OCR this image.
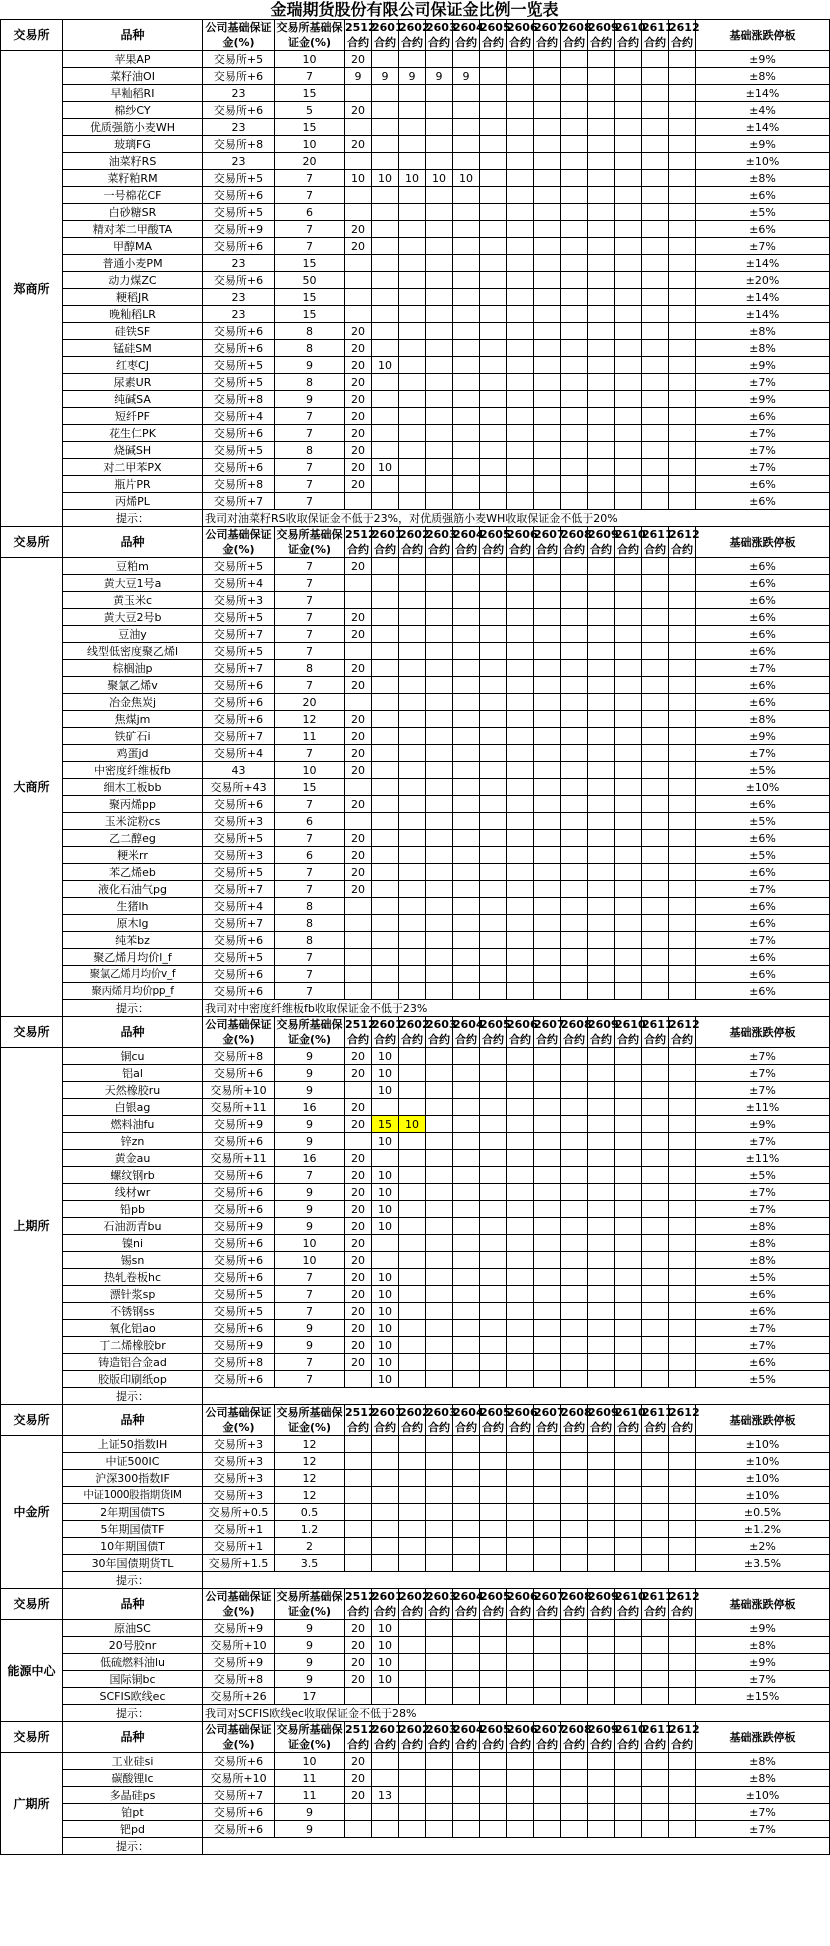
金瑞期货股份有限公司保证金比例一览表
交易所	品种	公司基础保证金(%)	交易所基础保证金(%)	2512合约	2601合约	2602合约	2603合约	2604合约	2605合约	2606合约	2607合约	2608合约	2609合约	2610合约	2611合约	2612合约	基础涨跌停板
郑商所	苹果AP	交易所+5	10	20													±9%
	菜籽油OI	交易所+6	7	9	9	9	9	9									±8%
	早籼稻RI	23	15														±14%
	棉纱CY	交易所+6	5	20													±4%
	优质强筋小麦WH	23	15														±14%
	玻璃FG	交易所+8	10	20													±9%
	油菜籽RS	23	20														±10%
	菜籽粕RM	交易所+5	7	10	10	10	10	10									±8%
	一号棉花CF	交易所+6	7														±6%
	白砂糖SR	交易所+5	6														±5%
	精对苯二甲酸TA	交易所+9	7	20													±6%
	甲醇MA	交易所+6	7	20													±7%
	普通小麦PM	23	15														±14%
	动力煤ZC	交易所+6	50														±20%
	粳稻JR	23	15														±14%
	晚籼稻LR	23	15														±14%
	硅铁SF	交易所+6	8	20													±8%
	锰硅SM	交易所+6	8	20													±8%
	红枣CJ	交易所+5	9	20	10												±9%
	尿素UR	交易所+5	8	20													±7%
	纯碱SA	交易所+8	9	20													±9%
	短纤PF	交易所+4	7	20													±6%
	花生仁PK	交易所+6	7	20													±7%
	烧碱SH	交易所+5	8	20													±7%
	对二甲苯PX	交易所+6	7	20	10												±7%
	瓶片PR	交易所+8	7	20													±6%
	丙烯PL	交易所+7	7														±6%
	提示：	我司对油菜籽RS收取保证金不低于23%，对优质强筋小麦WH收取保证金不低于20%															
交易所	品种	公司基础保证金(%)	交易所基础保证金(%)	2512合约	2601合约	2602合约	2603合约	2604合约	2605合约	2606合约	2607合约	2608合约	2609合约	2610合约	2611合约	2612合约	基础涨跌停板
大商所	豆粕m	交易所+5	7	20													±6%
	黄大豆1号a	交易所+4	7														±6%
	黄玉米c	交易所+3	7														±6%
	黄大豆2号b	交易所+5	7	20													±6%
	豆油y	交易所+7	7	20													±6%
	线型低密度聚乙烯l	交易所+5	7														±6%
	棕榈油p	交易所+7	8	20													±7%
	聚氯乙烯v	交易所+6	7	20													±6%
	冶金焦炭j	交易所+6	20														±6%
	焦煤jm	交易所+6	12	20													±8%
	铁矿石i	交易所+7	11	20													±9%
	鸡蛋jd	交易所+4	7	20													±7%
	中密度纤维板fb	43	10	20													±5%
	细木工板bb	交易所+43	15														±10%
	聚丙烯pp	交易所+6	7	20													±6%
	玉米淀粉cs	交易所+3	6														±5%
	乙二醇eg	交易所+5	7	20													±6%
	粳米rr	交易所+3	6	20													±5%
	苯乙烯eb	交易所+5	7	20													±6%
	液化石油气pg	交易所+7	7	20													±7%
	生猪lh	交易所+4	8														±6%
	原木lg	交易所+7	8														±6%
	纯苯bz	交易所+6	8														±7%
	聚乙烯月均价l_f	交易所+5	7														±6%
	聚氯乙烯月均价v_f	交易所+6	7														±6%
	聚丙烯月均价pp_f	交易所+6	7														±6%
	提示：	我司对中密度纤维板fb收取保证金不低于23%															
交易所	品种	公司基础保证金(%)	交易所基础保证金(%)	2512合约	2601合约	2602合约	2603合约	2604合约	2605合约	2606合约	2607合约	2608合约	2609合约	2610合约	2611合约	2612合约	基础涨跌停板
上期所	铜cu	交易所+8	9	20	10												±7%
	铝al	交易所+6	9	20	10												±7%
	天然橡胶ru	交易所+10	9		10												±7%
	白银ag	交易所+11	16	20													±11%
	燃料油fu	交易所+9	9	20	15	10											±9%
	锌zn	交易所+6	9		10												±7%
	黄金au	交易所+11	16	20													±11%
	螺纹钢rb	交易所+6	7	20	10												±5%
	线材wr	交易所+6	9	20	10												±7%
	铅pb	交易所+6	9	20	10												±7%
	石油沥青bu	交易所+9	9	20	10												±8%
	镍ni	交易所+6	10	20													±8%
	锡sn	交易所+6	10	20													±8%
	热轧卷板hc	交易所+6	7	20	10												±5%
	漂针浆sp	交易所+5	7	20	10												±6%
	不锈钢ss	交易所+5	7	20	10												±6%
	氧化铝ao	交易所+6	9	20	10												±7%
	丁二烯橡胶br	交易所+9	9	20	10												±7%
	铸造铝合金ad	交易所+8	7	20	10												±6%
	胶版印刷纸op	交易所+6	7		10												±5%
	提示：																
交易所	品种	公司基础保证金(%)	交易所基础保证金(%)	2512合约	2601合约	2602合约	2603合约	2604合约	2605合约	2606合约	2607合约	2608合约	2609合约	2610合约	2611合约	2612合约	基础涨跌停板
中金所	上证50指数IH	交易所+3	12														±10%
	中证500IC	交易所+3	12														±10%
	沪深300指数IF	交易所+3	12														±10%
	中证1000股指期货IM	交易所+3	12														±10%
	2年期国债TS	交易所+0.5	0.5														±0.5%
	5年期国债TF	交易所+1	1.2														±1.2%
	10年期国债T	交易所+1	2														±2%
	30年国债期货TL	交易所+1.5	3.5														±3.5%
	提示：																
交易所	品种	公司基础保证金(%)	交易所基础保证金(%)	2512合约	2601合约	2602合约	2603合约	2604合约	2605合约	2606合约	2607合约	2608合约	2609合约	2610合约	2611合约	2612合约	基础涨跌停板
能源中心	原油SC	交易所+9	9	20	10												±9%
	20号胶nr	交易所+10	9	20	10												±8%
	低硫燃料油lu	交易所+9	9	20	10												±9%
	国际铜bc	交易所+8	9	20	10												±7%
	SCFIS欧线ec	交易所+26	17														±15%
	提示：	我司对SCFIS欧线ec收取保证金不低于28%															
交易所	品种	公司基础保证金(%)	交易所基础保证金(%)	2512合约	2601合约	2602合约	2603合约	2604合约	2605合约	2606合约	2607合约	2608合约	2609合约	2610合约	2611合约	2612合约	基础涨跌停板
广期所	工业硅si	交易所+6	10	20													±8%
	碳酸锂lc	交易所+10	11	20													±8%
	多晶硅ps	交易所+7	11	20	13												±10%
	铂pt	交易所+6	9														±7%
	钯pd	交易所+6	9														±7%
	提示：																
